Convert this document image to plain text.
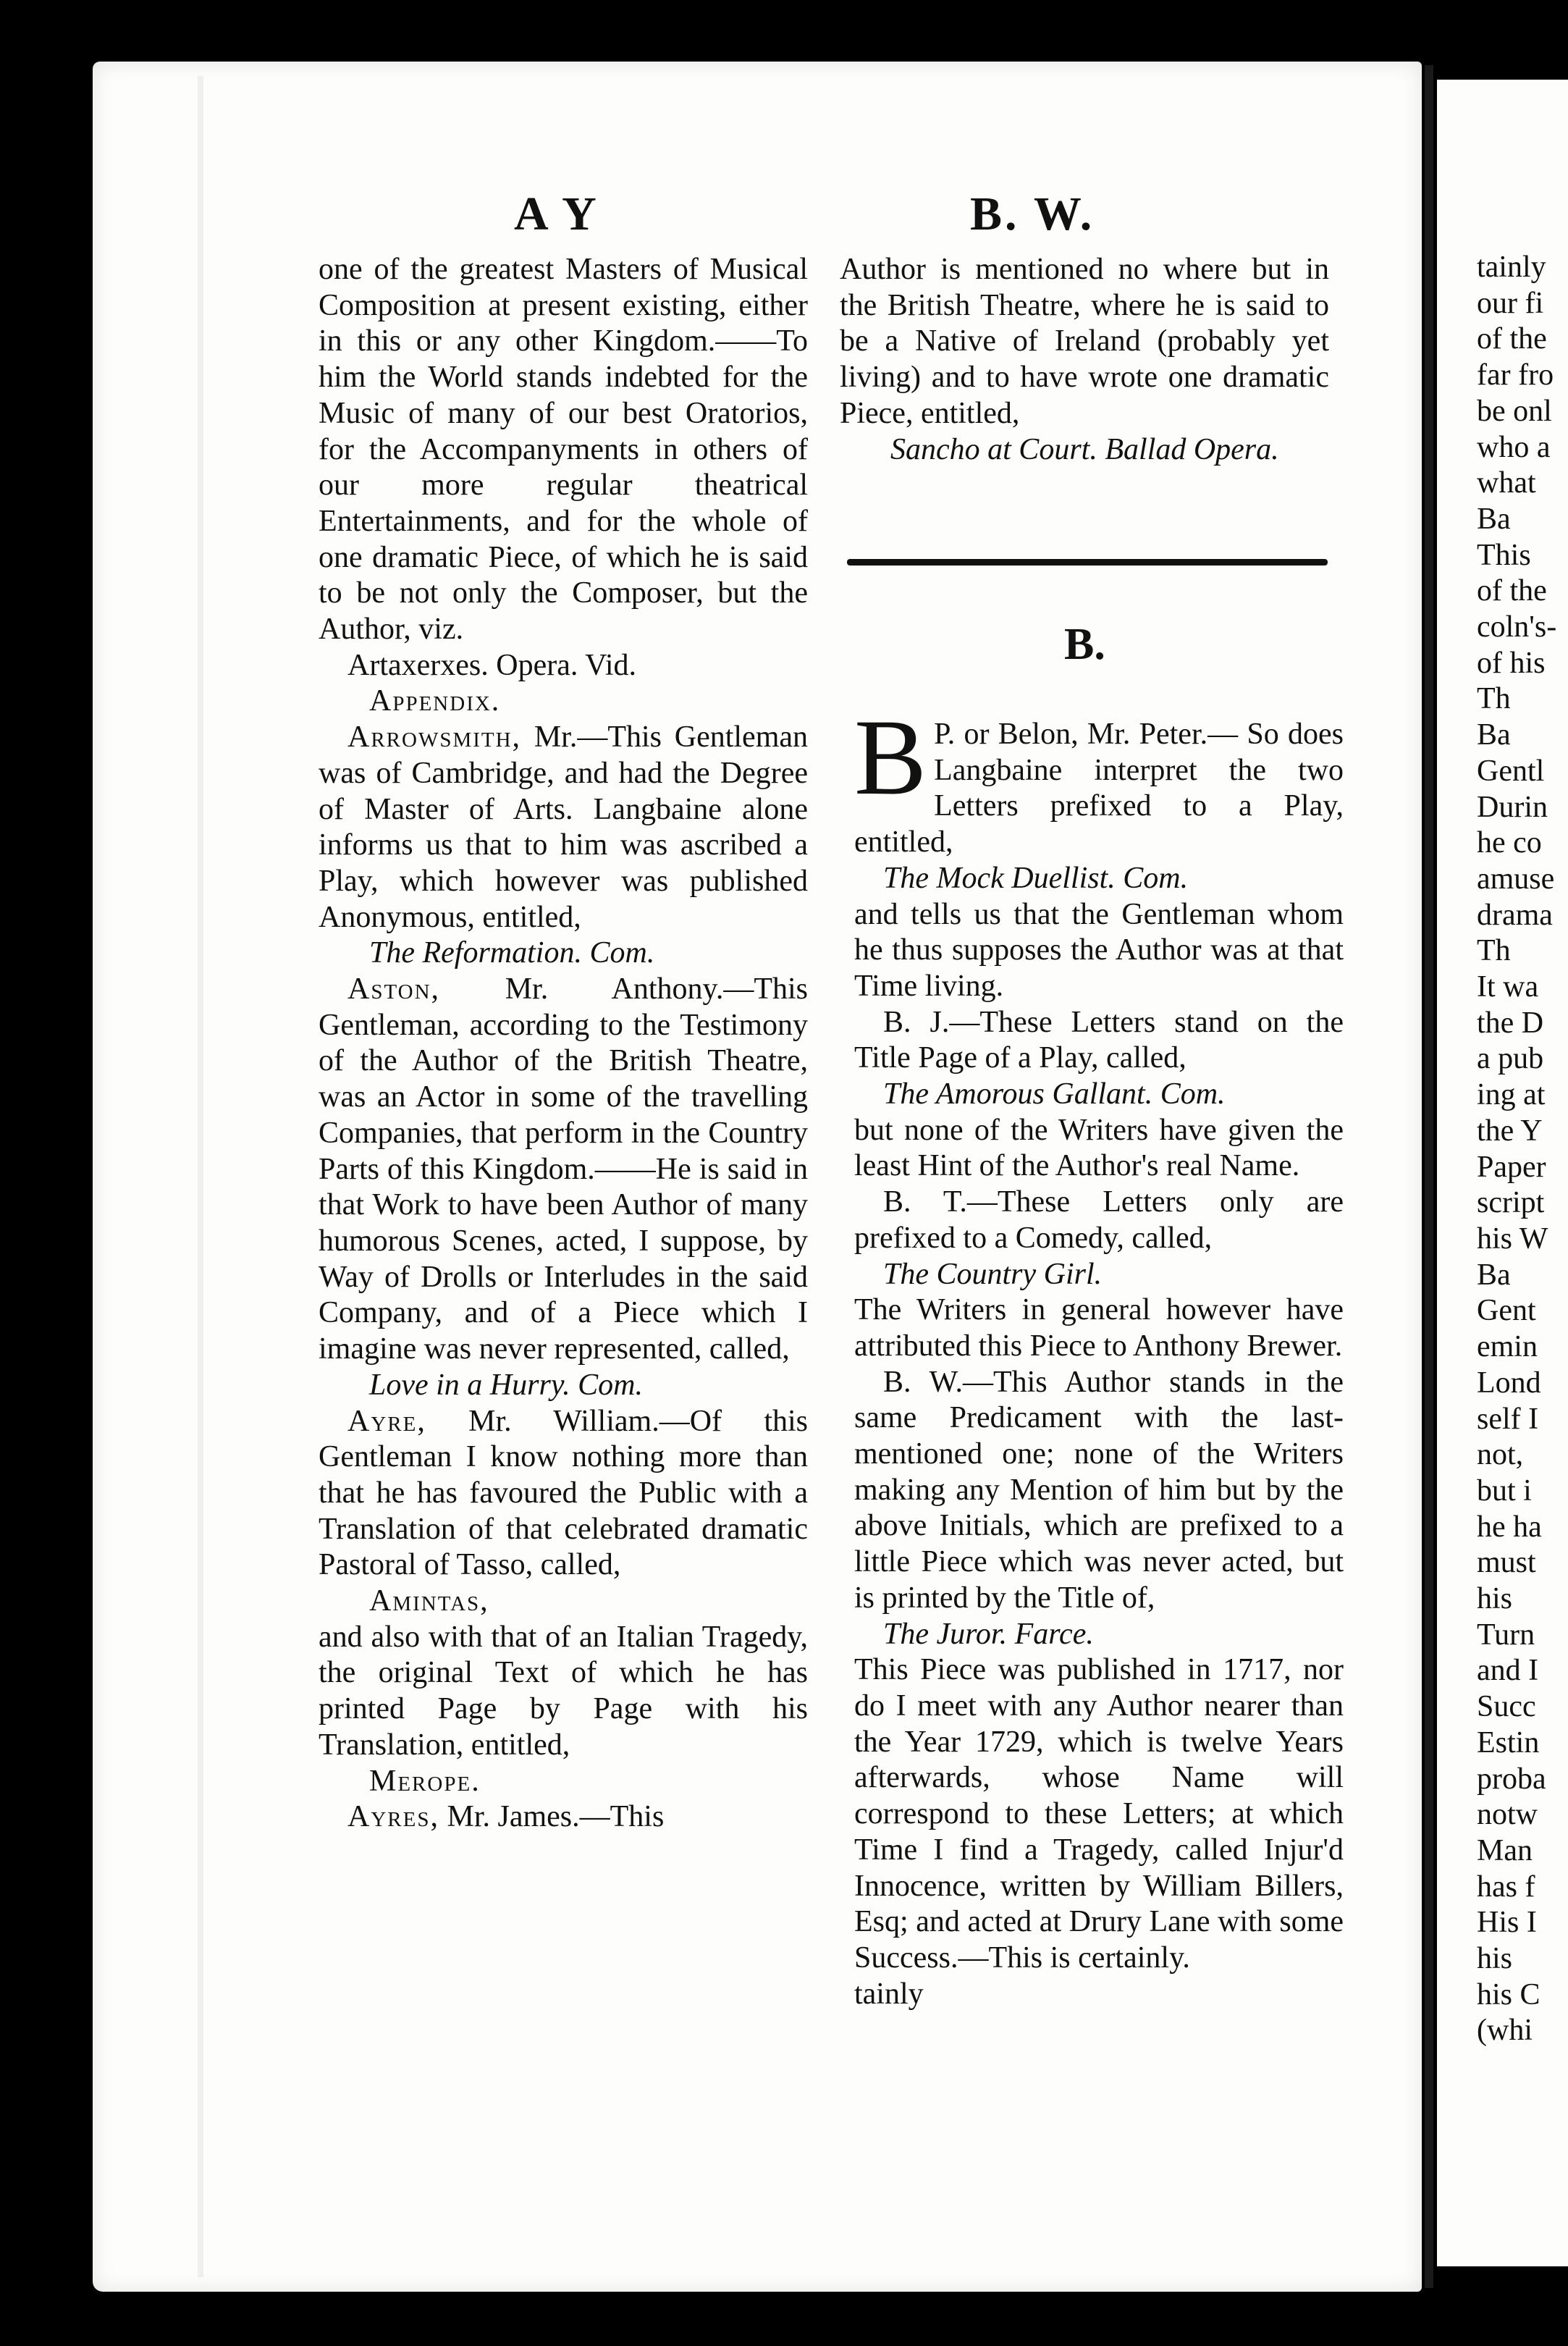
A Y	B. W.

one of the greatest Masters of Musical Composition at present existing, either in this or any other Kingdom.——To him the World stands indebted for the Music of many of our best Oratorios, for the Accompanyments in others of our more regular theatrical Entertainments, and for the whole of one dramatic Piece, of which he is said to be not only the Composer, but the Author, viz.

Artaxerxes. Opera. Vid.

Appendix.

Arrowsmith, Mr.—This Gentleman was of Cambridge, and had the Degree of Master of Arts. Langbaine alone informs us that to him was ascribed a Play, which however was published Anonymous, entitled,

The Reformation. Com.

Aston, Mr. Anthony.—This Gentleman, according to the Testimony of the Author of the British Theatre, was an Actor in some of the travelling Companies, that perform in the Country Parts of this Kingdom.——He is said in that Work to have been Author of many humorous Scenes, acted, I suppose, by Way of Drolls or Interludes in the said Company, and of a Piece which I imagine was never represented, called,

Love in a Hurry. Com.

Ayre, Mr. William.—Of this Gentleman I know nothing more than that he has favoured the Public with a Translation of that celebrated dramatic Pastoral of Tasso, called,

Amintas,

and also with that of an Italian Tragedy, the original Text of which he has printed Page by Page with his Translation, entitled,

Merope.

Ayres, Mr. James.—This

Author is mentioned no where but in the British Theatre, where he is said to be a Native of Ireland (probably yet living) and to have wrote one dramatic Piece, entitled,

Sancho at Court. Ballad Opera.

B.

B P. or Belon, Mr. Peter.— So does Langbaine interpret the two Letters prefixed to a Play, entitled,

The Mock Duellist. Com.

and tells us that the Gentleman whom he thus supposes the Author was at that Time living.

B. J.—These Letters stand on the Title Page of a Play, called,

The Amorous Gallant. Com.

but none of the Writers have given the least Hint of the Author's real Name.

B. T.—These Letters only are prefixed to a Comedy, called,

The Country Girl.

The Writers in general however have attributed this Piece to Anthony Brewer.

B. W.—This Author stands in the same Predicament with the last-mentioned one; none of the Writers making any Mention of him but by the above Initials, which are prefixed to a little Piece which was never acted, but is printed by the Title of,

The Juror. Farce.

This Piece was published in 1717, nor do I meet with any Author nearer than the Year 1729, which is twelve Years afterwards, whose Name will correspond to these Letters; at which Time I find a Tragedy, called Injur'd Innocence, written by William Billers, Esq; and acted at Drury Lane with some Success.—This is certainly.

tainly

tainly

our fi

of the

far fro

be onl

who a

what

Ba

This

of the

coln's-

of his

Th

Ba

Gentl

Durin

he co

amuse

drama

Th

It wa

the D

a pub

ing at

the Y

Paper

script

his W

Ba

Gent

emin

Lond

self I

not,

but i

he ha

must

his

Turn

and I

Succ

Estin

proba

notw

Man

has f

His I

his

his C

(whi
